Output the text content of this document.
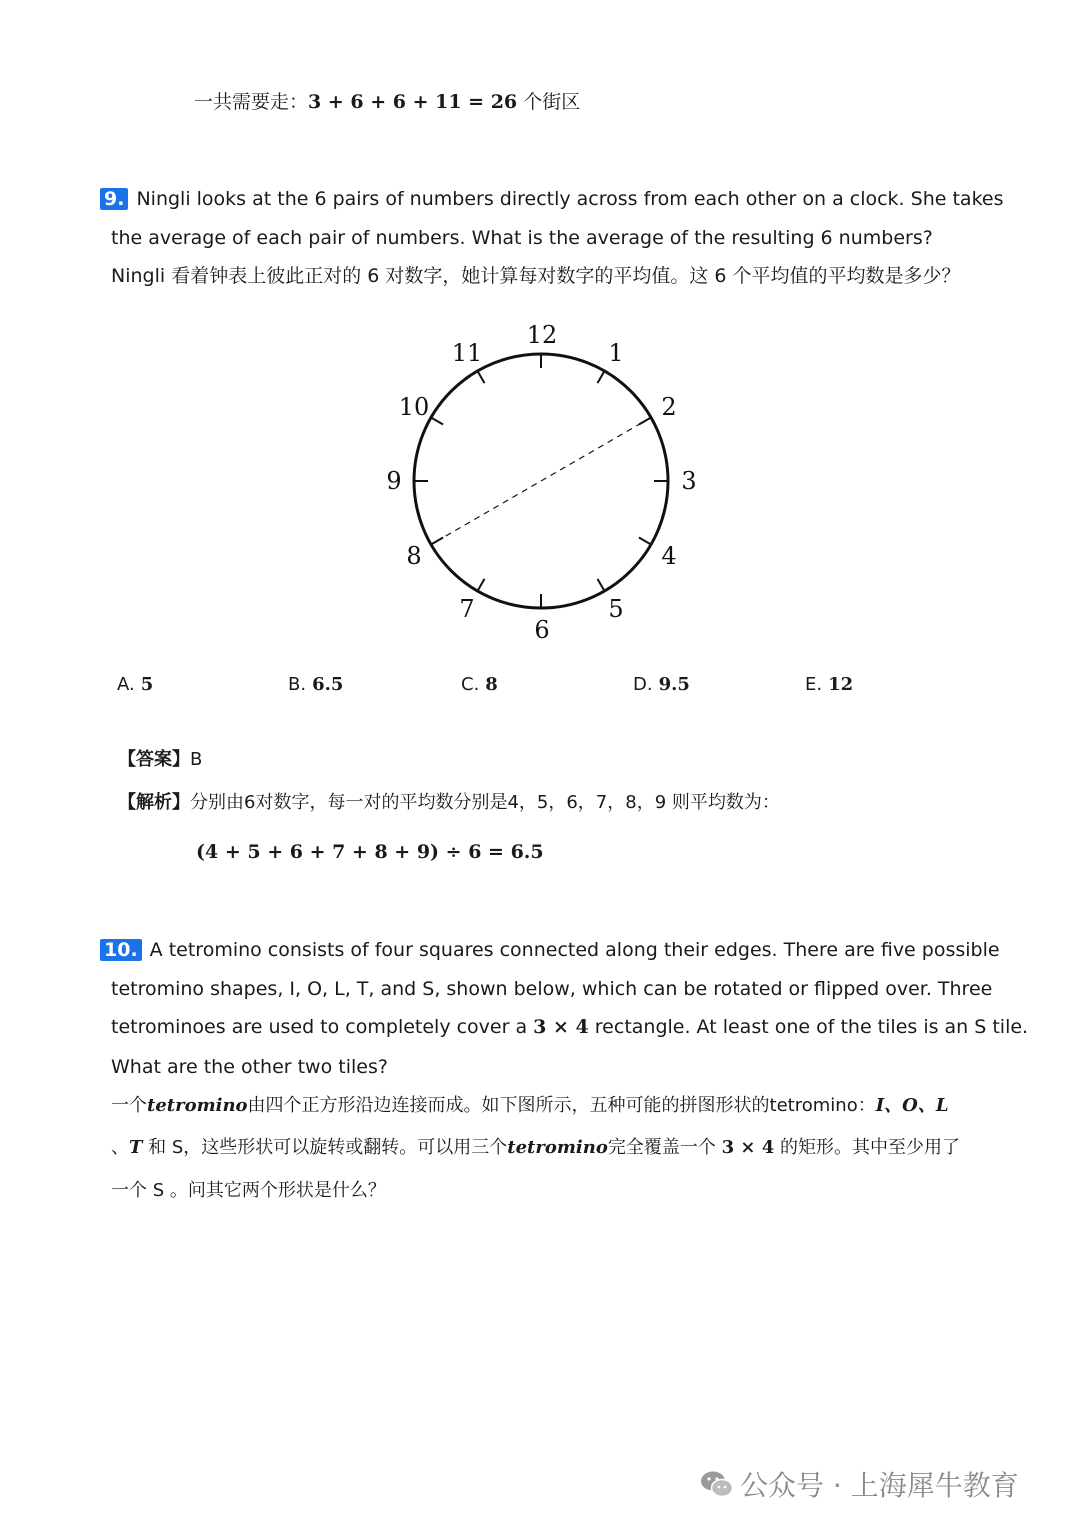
一共需要走：3 + 6 + 6 + 11 = 26 个街区
9. Ningli looks at the 6 pairs of numbers directly across from each other on a clock. She takes
the average of each pair of numbers. What is the average of the resulting 6 numbers?
Ningli 看着钟表上彼此正对的 6 对数字，她计算每对数字的平均值。这 6 个平均值的平均数是多少？
12
1
2
3
4
5
6
7
8
9
10
11
A. 5	B. 6.5	C. 8	D. 9.5	E. 12
【答案】B
【解析】分别由6对数字，每一对的平均数分别是4，5，6，7，8，9 则平均数为：
(4 + 5 + 6 + 7 + 8 + 9) ÷ 6 = 6.5
10. A tetromino consists of four squares connected along their edges. There are five possible
tetromino shapes, I, O, L, T, and S, shown below, which can be rotated or flipped over. Three
tetrominoes are used to completely cover a 3 × 4 rectangle. At least one of the tiles is an S tile.
What are the other two tiles?
一个tetromino由四个正方形沿边连接而成。如下图所示，五种可能的拼图形状的tetromino：I、O、L
、T 和 S，这些形状可以旋转或翻转。可以用三个tetromino完全覆盖一个 3 × 4 的矩形。其中至少用了
一个 S 。问其它两个形状是什么？
公众号 · 上海犀牛教育
